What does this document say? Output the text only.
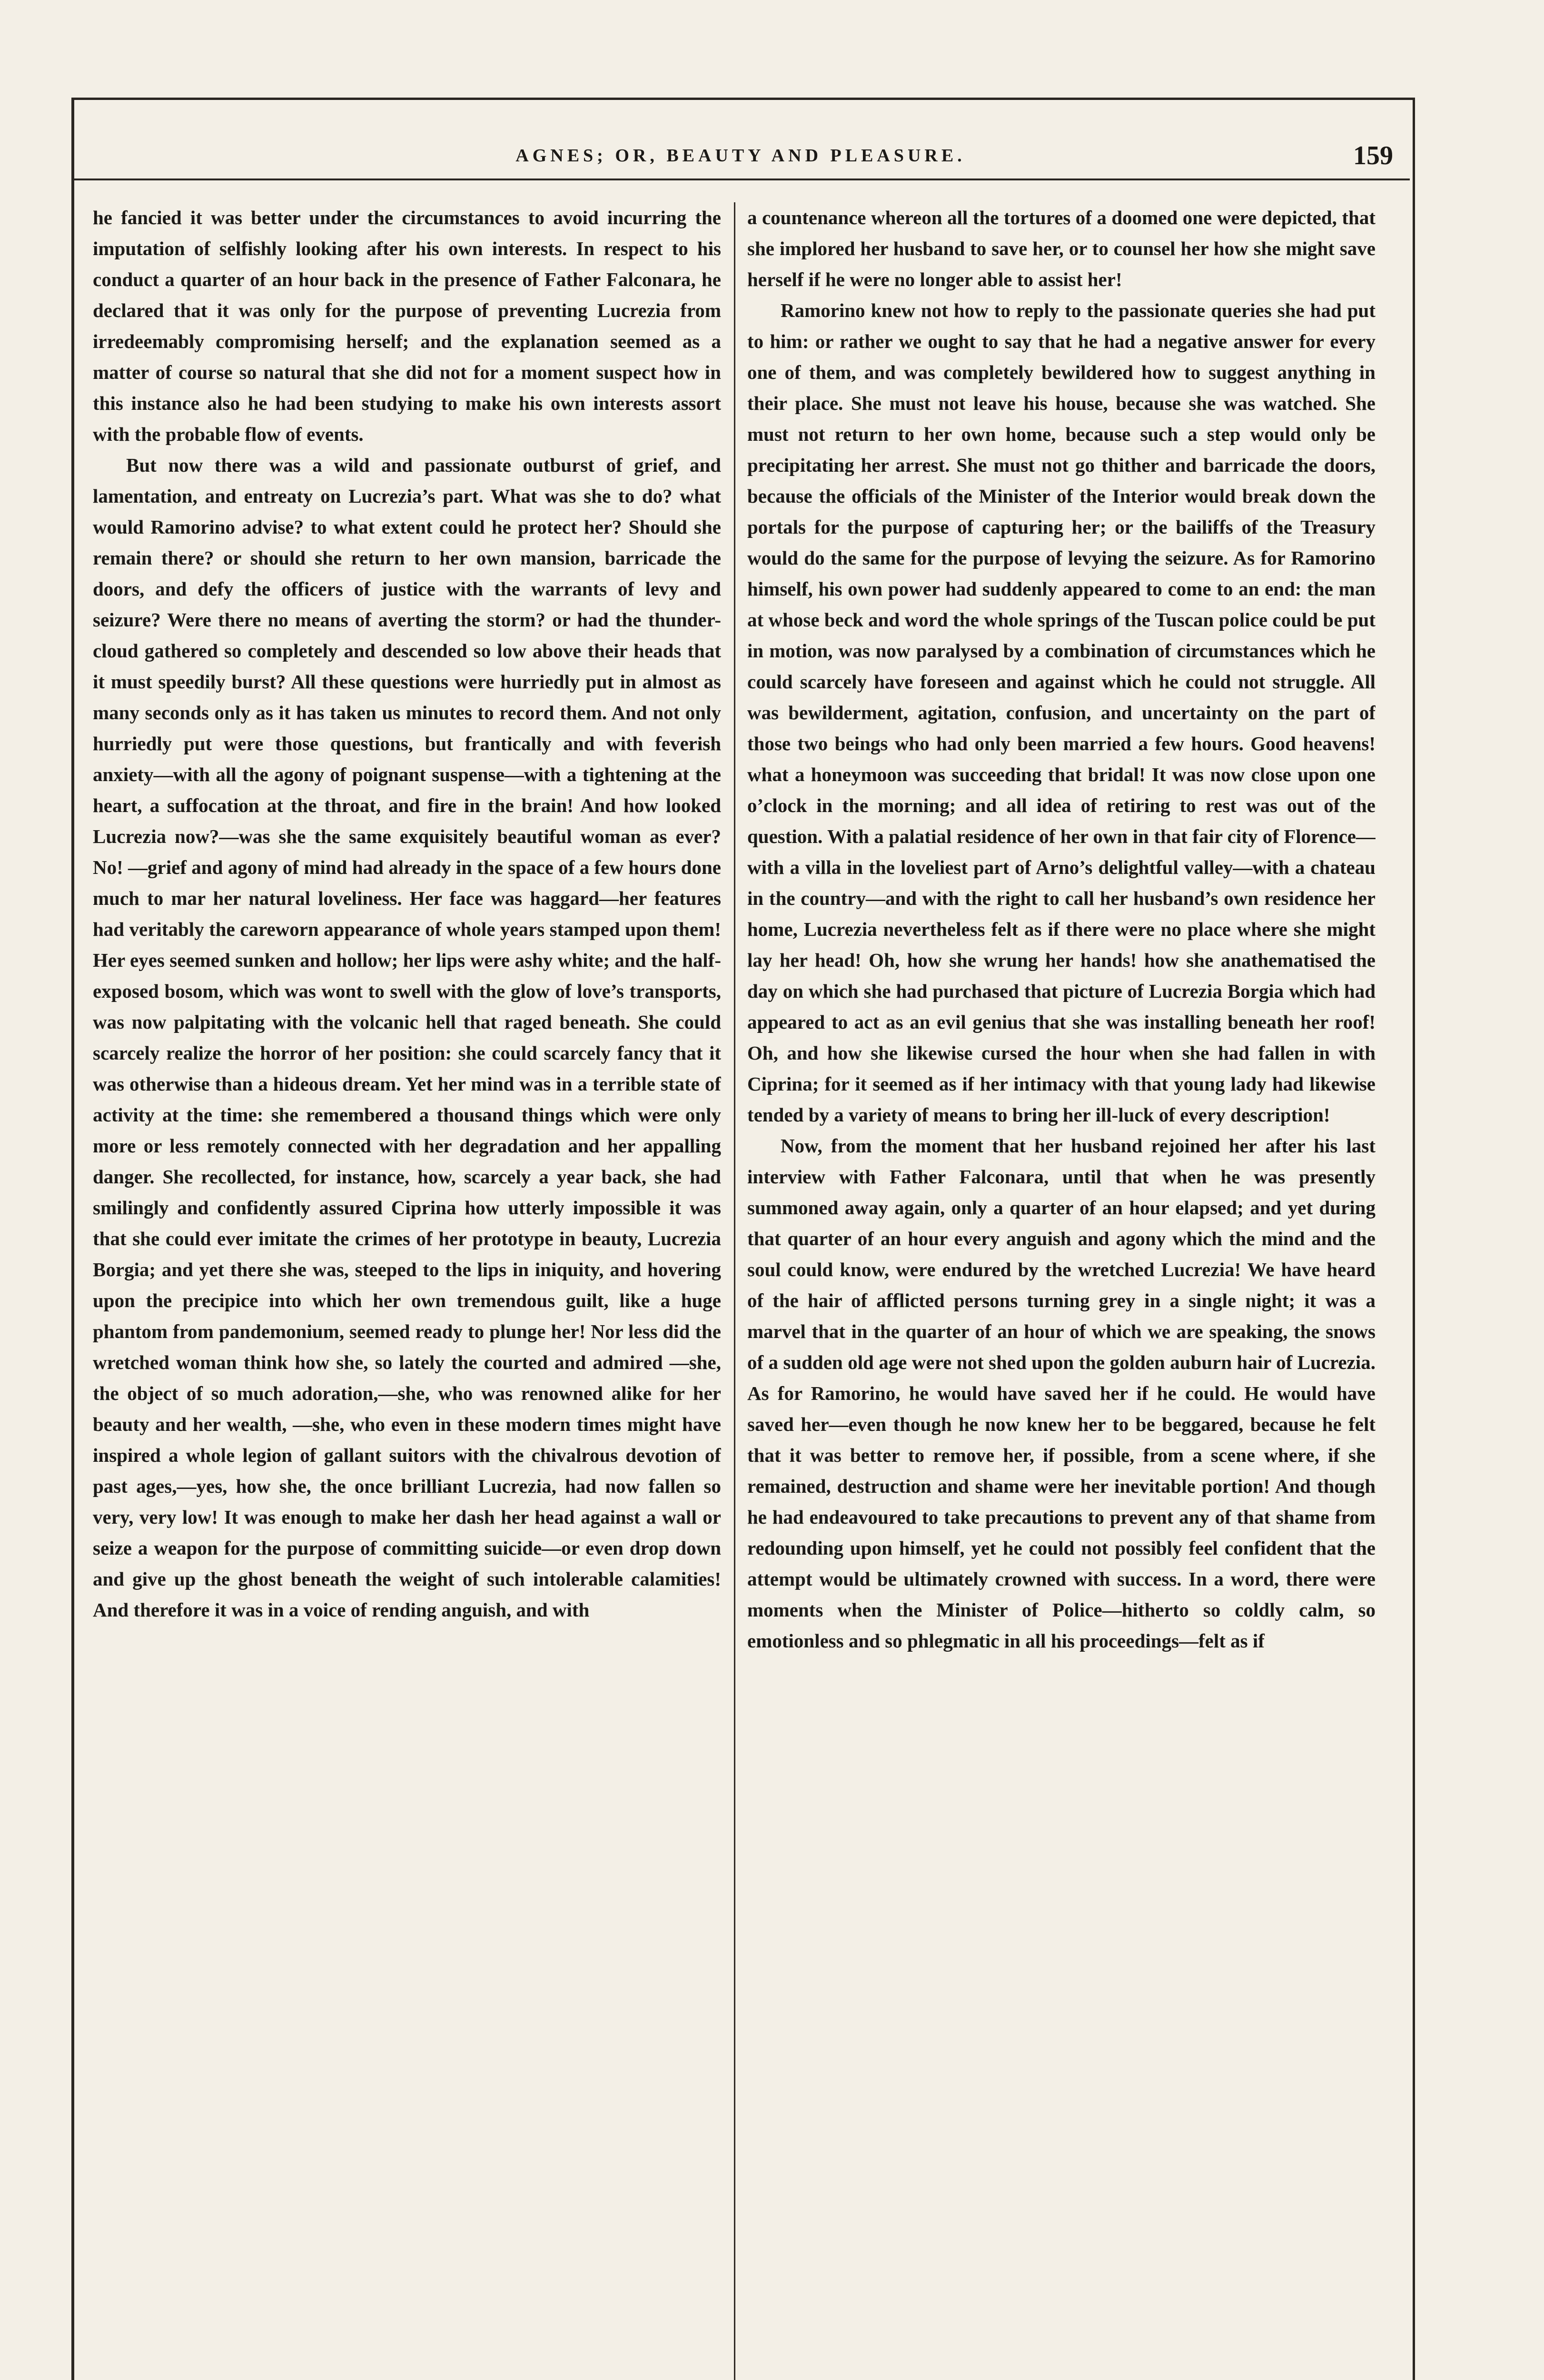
AGNES; OR, BEAUTY AND PLEASURE.	159

he fancied it was better under the circumstances to avoid incurring the imputation of selfishly looking after his own interests. In respect to his conduct a quarter of an hour back in the presence of Father Falconara, he declared that it was only for the purpose of preventing Lucrezia from irredeemably compromising herself; and the explanation seemed as a matter of course so natural that she did not for a moment suspect how in this instance also he had been studying to make his own interests assort with the probable flow of events.

But now there was a wild and passionate outburst of grief, and lamentation, and entreaty on Lucrezia’s part. What was she to do? what would Ramorino advise? to what extent could he protect her? Should she remain there? or should she return to her own mansion, barricade the doors, and defy the officers of justice with the warrants of levy and seizure? Were there no means of averting the storm? or had the thunder-cloud gathered so completely and descended so low above their heads that it must speedily burst? All these questions were hurriedly put in almost as many seconds only as it has taken us minutes to record them. And not only hurriedly put were those questions, but frantically and with feverish anxiety—with all the agony of poignant suspense—with a tightening at the heart, a suffocation at the throat, and fire in the brain! And how looked Lucrezia now?—was she the same exquisitely beautiful woman as ever? No! —grief and agony of mind had already in the space of a few hours done much to mar her natural loveliness. Her face was haggard—her features had veritably the careworn appearance of whole years stamped upon them! Her eyes seemed sunken and hollow; her lips were ashy white; and the half-exposed bosom, which was wont to swell with the glow of love’s transports, was now palpitating with the volcanic hell that raged beneath. She could scarcely realize the horror of her position: she could scarcely fancy that it was otherwise than a hideous dream. Yet her mind was in a terrible state of activity at the time: she remembered a thousand things which were only more or less remotely connected with her degradation and her appalling danger. She recollected, for instance, how, scarcely a year back, she had smilingly and confidently assured Ciprina how utterly impossible it was that she could ever imitate the crimes of her prototype in beauty, Lucrezia Borgia; and yet there she was, steeped to the lips in iniquity, and hovering upon the precipice into which her own tremendous guilt, like a huge phantom from pandemonium, seemed ready to plunge her! Nor less did the wretched woman think how she, so lately the courted and admired —she, the object of so much adoration,—she, who was renowned alike for her beauty and her wealth, —she, who even in these modern times might have inspired a whole legion of gallant suitors with the chivalrous devotion of past ages,—yes, how she, the once brilliant Lucrezia, had now fallen so very, very low! It was enough to make her dash her head against a wall or seize a weapon for the purpose of committing suicide—or even drop down and give up the ghost beneath the weight of such intolerable calamities! And therefore it was in a voice of rending anguish, and with

a countenance whereon all the tortures of a doomed one were depicted, that she implored her husband to save her, or to counsel her how she might save herself if he were no longer able to assist her!

Ramorino knew not how to reply to the passionate queries she had put to him: or rather we ought to say that he had a negative answer for every one of them, and was completely bewildered how to suggest anything in their place. She must not leave his house, because she was watched. She must not return to her own home, because such a step would only be precipitating her arrest. She must not go thither and barricade the doors, because the officials of the Minister of the Interior would break down the portals for the purpose of capturing her; or the bailiffs of the Treasury would do the same for the purpose of levying the seizure. As for Ramorino himself, his own power had suddenly appeared to come to an end: the man at whose beck and word the whole springs of the Tuscan police could be put in motion, was now paralysed by a combination of circumstances which he could scarcely have foreseen and against which he could not struggle. All was bewilderment, agitation, confusion, and uncertainty on the part of those two beings who had only been married a few hours. Good heavens! what a honeymoon was succeeding that bridal! It was now close upon one o’clock in the morning; and all idea of retiring to rest was out of the question. With a palatial residence of her own in that fair city of Florence—with a villa in the loveliest part of Arno’s delightful valley—with a chateau in the country—and with the right to call her husband’s own residence her home, Lucrezia nevertheless felt as if there were no place where she might lay her head! Oh, how she wrung her hands! how she anathematised the day on which she had purchased that picture of Lucrezia Borgia which had appeared to act as an evil genius that she was installing beneath her roof! Oh, and how she likewise cursed the hour when she had fallen in with Ciprina; for it seemed as if her intimacy with that young lady had likewise tended by a variety of means to bring her ill-luck of every description!

Now, from the moment that her husband rejoined her after his last interview with Father Falconara, until that when he was presently summoned away again, only a quarter of an hour elapsed; and yet during that quarter of an hour every anguish and agony which the mind and the soul could know, were endured by the wretched Lucrezia! We have heard of the hair of afflicted persons turning grey in a single night; it was a marvel that in the quarter of an hour of which we are speaking, the snows of a sudden old age were not shed upon the golden auburn hair of Lucrezia. As for Ramorino, he would have saved her if he could. He would have saved her—even though he now knew her to be beggared, because he felt that it was better to remove her, if possible, from a scene where, if she remained, destruction and shame were her inevitable portion! And though he had endeavoured to take precautions to prevent any of that shame from redounding upon himself, yet he could not possibly feel confident that the attempt would be ultimately crowned with success. In a word, there were moments when the Minister of Police—hitherto so coldly calm, so emotionless and so phlegmatic in all his proceedings—felt as if
